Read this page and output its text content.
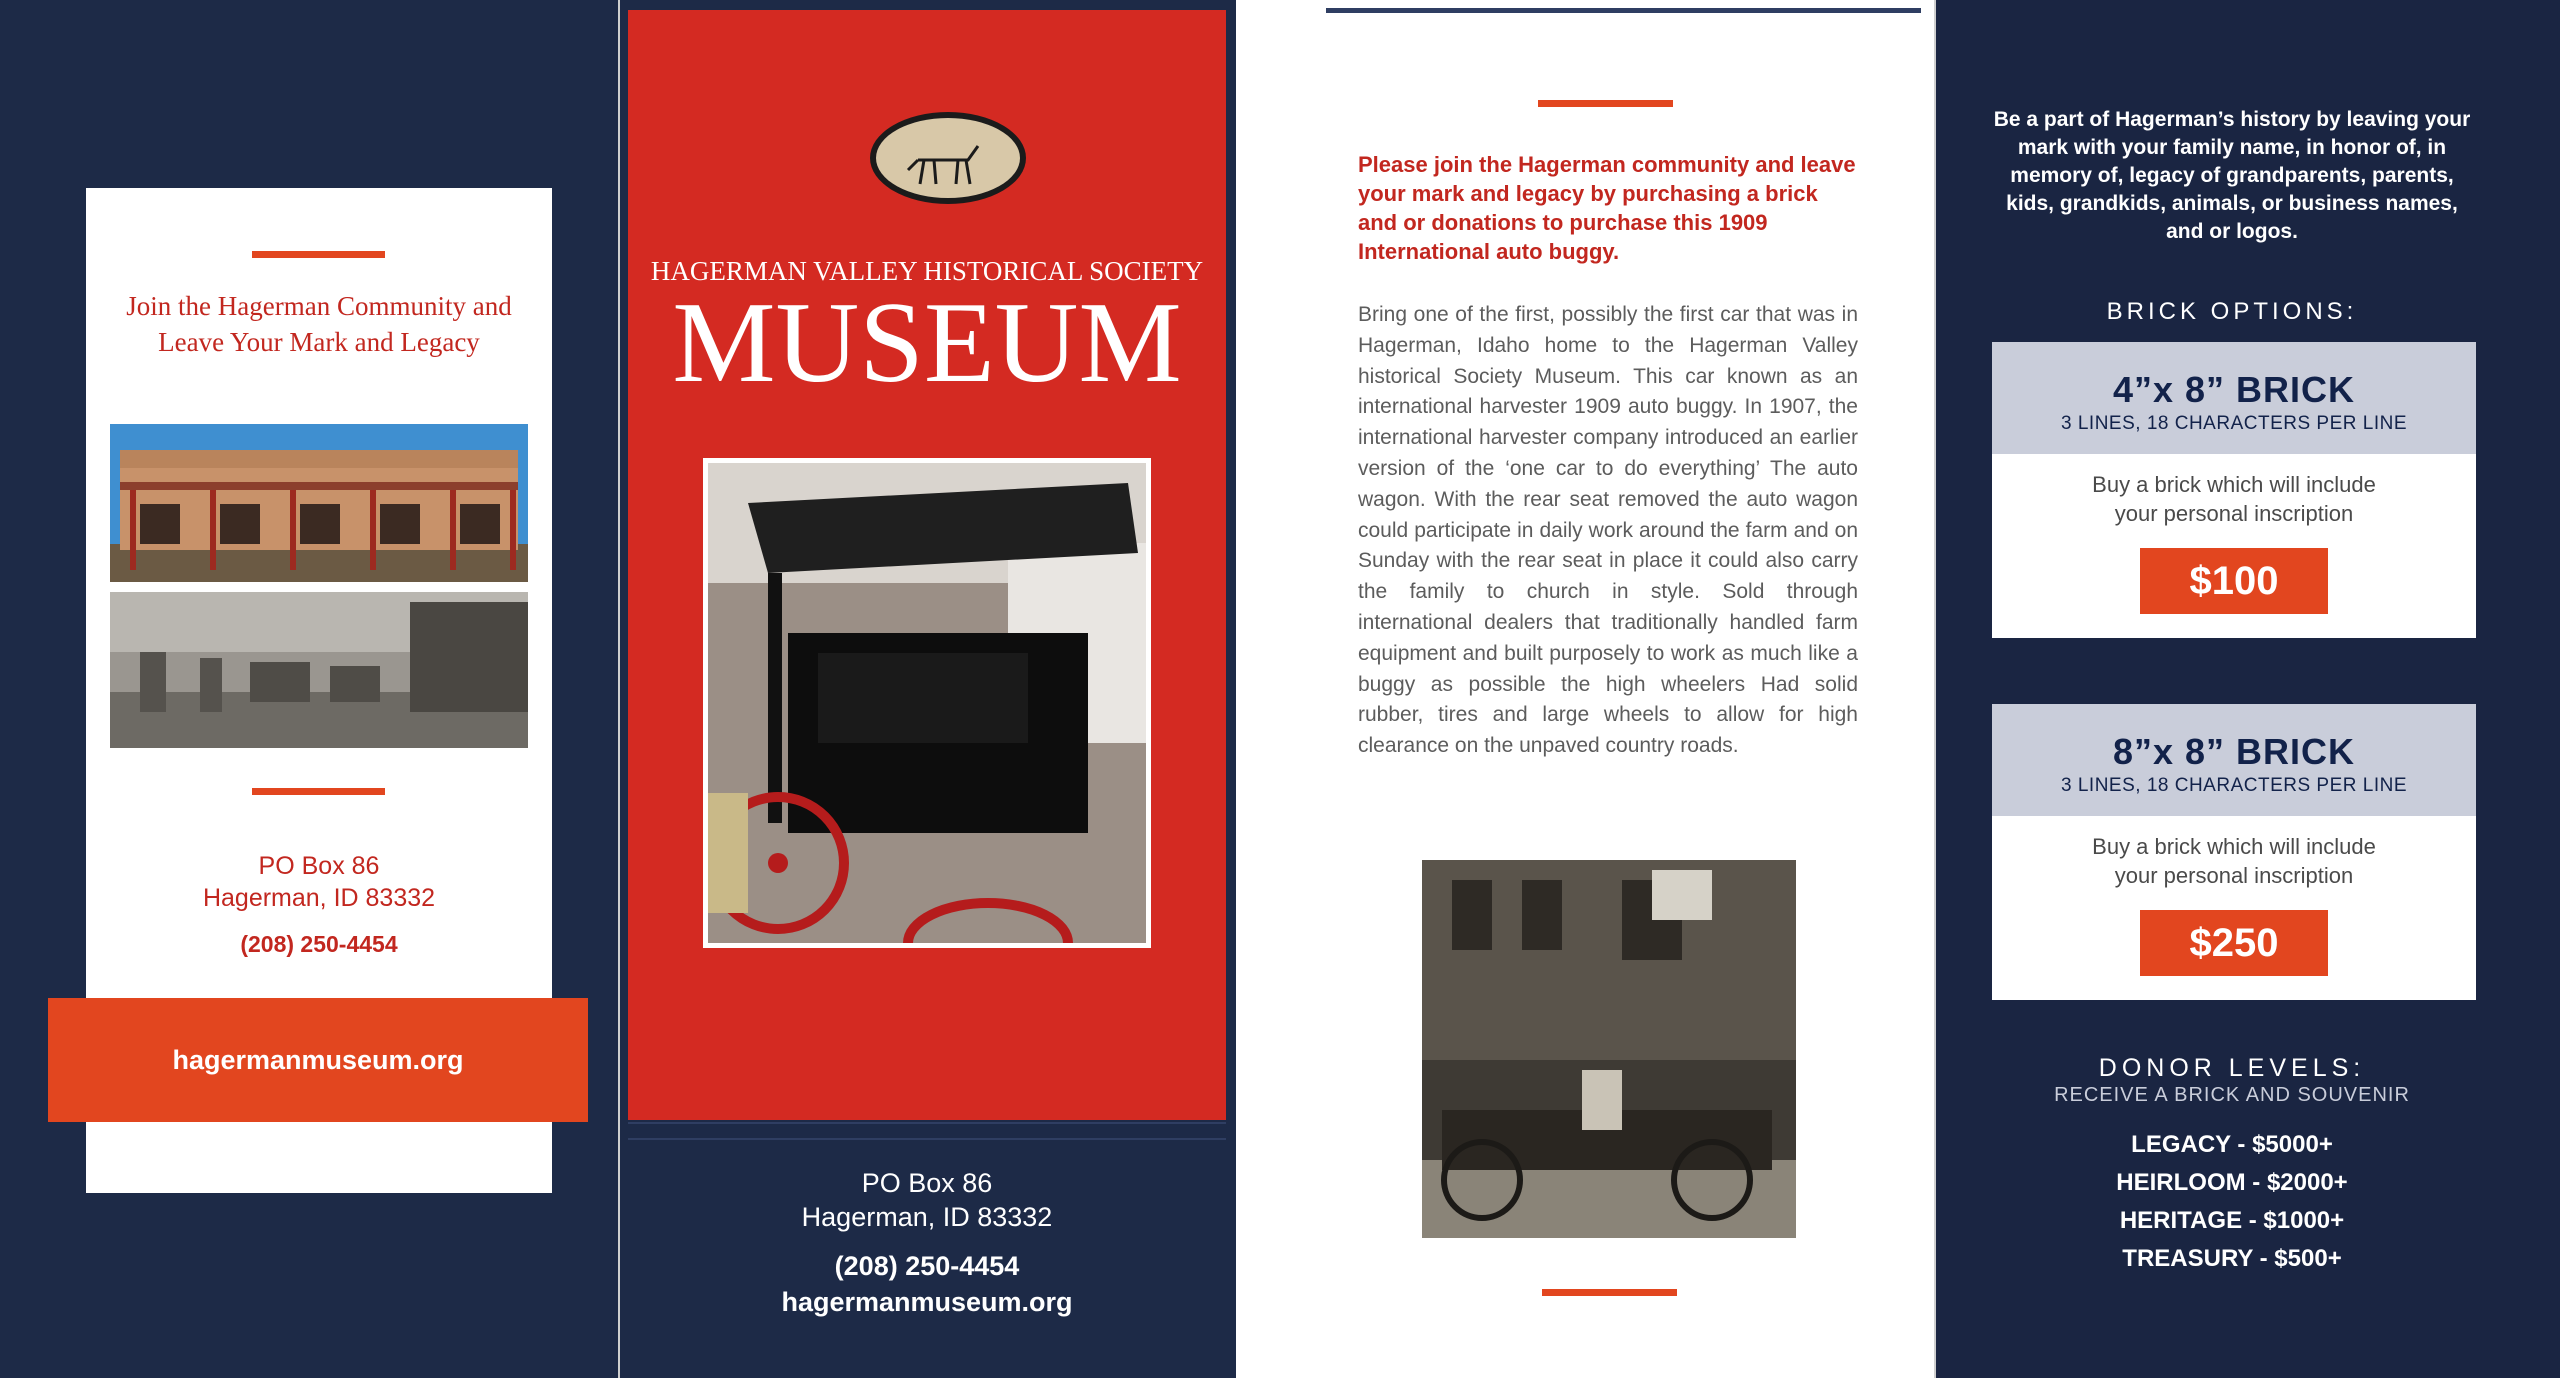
Join the Hagerman Community and Leave Your Mark and Legacy
PO Box 86
Hagerman, ID 83332
(208) 250-4454
hagermanmuseum.org
HAGERMAN VALLEY HISTORICAL SOCIETY
MUSEUM
PO Box 86
Hagerman, ID 83332
(208) 250-4454
hagermanmuseum.org
Please join the Hagerman community and leave your mark and legacy by purchasing a brick and or donations to purchase this 1909 International auto buggy.
Bring one of the first, possibly the first car that was in Hagerman, Idaho home to the Hagerman Valley historical Society Museum. This car known as an international harvester 1909 auto buggy. In 1907, the international harvester company introduced an earlier version of the ‘one car to do everything’ The auto wagon. With the rear seat removed the auto wagon could participate in daily work around the farm and on Sunday with the rear seat in place it could also carry the family to church in style. Sold through international dealers that traditionally handled farm equipment and built purposely to work as much like a buggy as possible the high wheelers Had solid rubber, tires and large wheels to allow for high clearance on the unpaved country roads.
Be a part of Hagerman’s history by leaving your mark with your family name, in honor of, in memory of, legacy of grandparents, parents, kids, grandkids, animals, or business names, and or logos.
BRICK OPTIONS:
4”x 8” BRICK
3 LINES, 18 CHARACTERS PER LINE
Buy a brick which will include
your personal inscription
$100
8”x 8” BRICK
3 LINES, 18 CHARACTERS PER LINE
Buy a brick which will include
your personal inscription
$250
DONOR LEVELS:
RECEIVE A BRICK AND SOUVENIR
LEGACY - $5000+
HEIRLOOM - $2000+
HERITAGE - $1000+
TREASURY - $500+
